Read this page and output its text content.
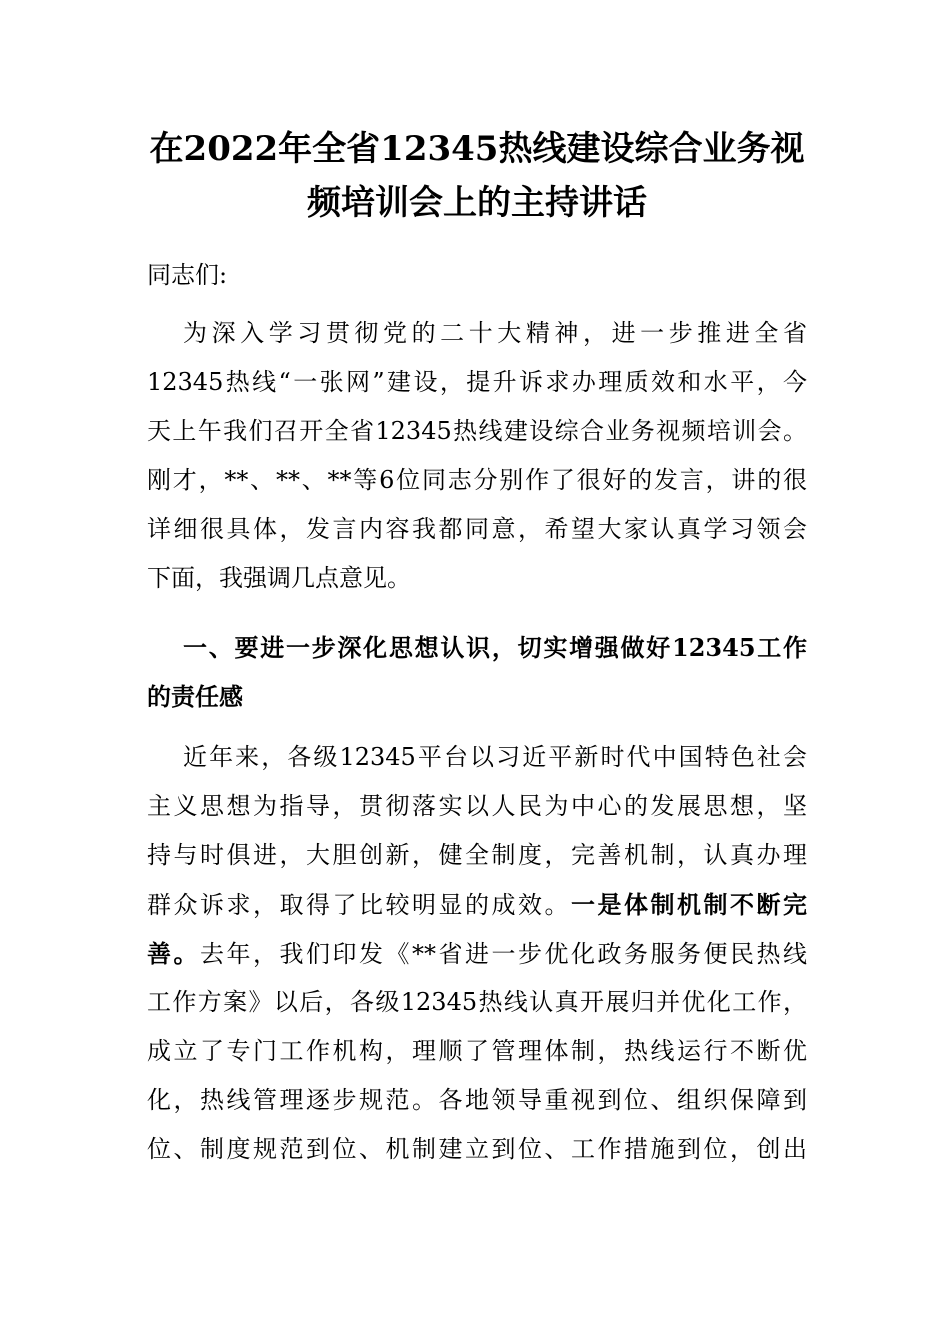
在2022年全省12345热线建设综合业务视
频培训会上的主持讲话

同志们:

为深入学习贯彻党的二十大精神，进一步推进全省
12345热线“一张网”建设，提升诉求办理质效和水平，今
天上午我们召开全省12345热线建设综合业务视频培训会。
刚才，**、**、**等6位同志分别作了很好的发言，讲的很
详细很具体，发言内容我都同意，希望大家认真学习领会
下面，我强调几点意见。
一、要进一步深化思想认识，切实增强做好12345工作
的责任感
近年来，各级12345平台以习近平新时代中国特色社会
主义思想为指导，贯彻落实以人民为中心的发展思想，坚
持与时俱进，大胆创新，健全制度，完善机制，认真办理
群众诉求，取得了比较明显的成效。一是体制机制不断完
善。去年，我们印发《**省进一步优化政务服务便民热线
工作方案》以后，各级12345热线认真开展归并优化工作，
成立了专门工作机构，理顺了管理体制，热线运行不断优
化，热线管理逐步规范。各地领导重视到位、组织保障到
位、制度规范到位、机制建立到位、工作措施到位，创出
